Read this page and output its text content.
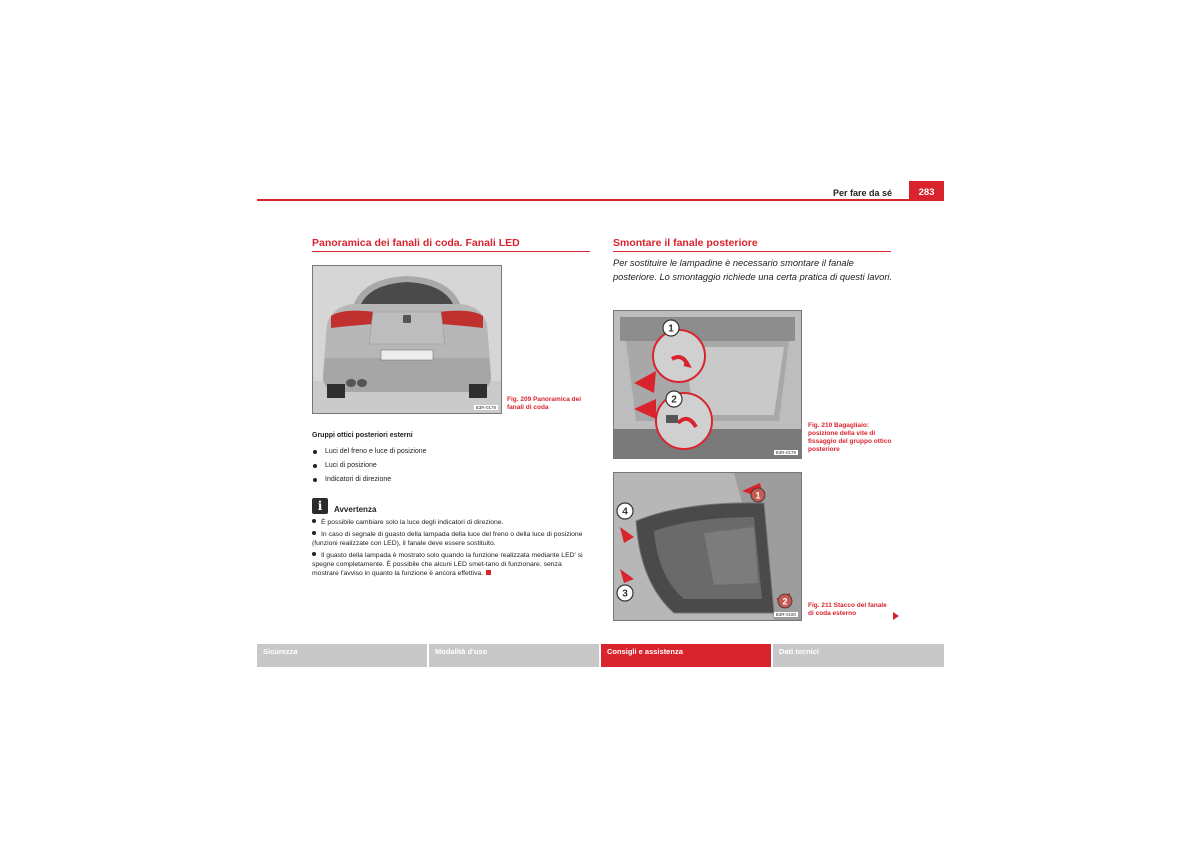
Per fare da sé	283
Panoramica dei fanali di coda. Fanali LED
B3R-0178
Fig. 209 Panoramica dei fanali di coda
Gruppi ottici posteriori esterni
Luci del freno e luce di posizione
Luci di posizione
Indicatori di direzione
i	Avvertenza

È possibile cambiare solo la luce degli indicatori di direzione.

In caso di segnale di guasto della lampada della luce del freno o della luce di posizione (funzioni realizzate con LED), il fanale deve essere sostituito.

Il guasto della lampada è mostrato solo quando la funzione realizzata mediante LED' si spegne completamente. È possibile che alcuni LED smet-tano di funzionare, senza mostrare l'avviso in quanto la funzione è ancora effettiva.

Smontare il fanale posteriore
Per sostituire le lampadine è necessario smontare il fanale posteriore. Lo smontaggio richiede una certa pratica di questi lavori.
1
2
B3R-0179
Fig. 210 Bagagliaio: posizione della vite di fissaggio del gruppo ottico posteriore
1
2
3
4
B3R-0180
Fig. 211 Stacco del fanale di coda esterno
Sicurezza	Modalità d'uso	Consigli e assistenza	Dati tecnici
